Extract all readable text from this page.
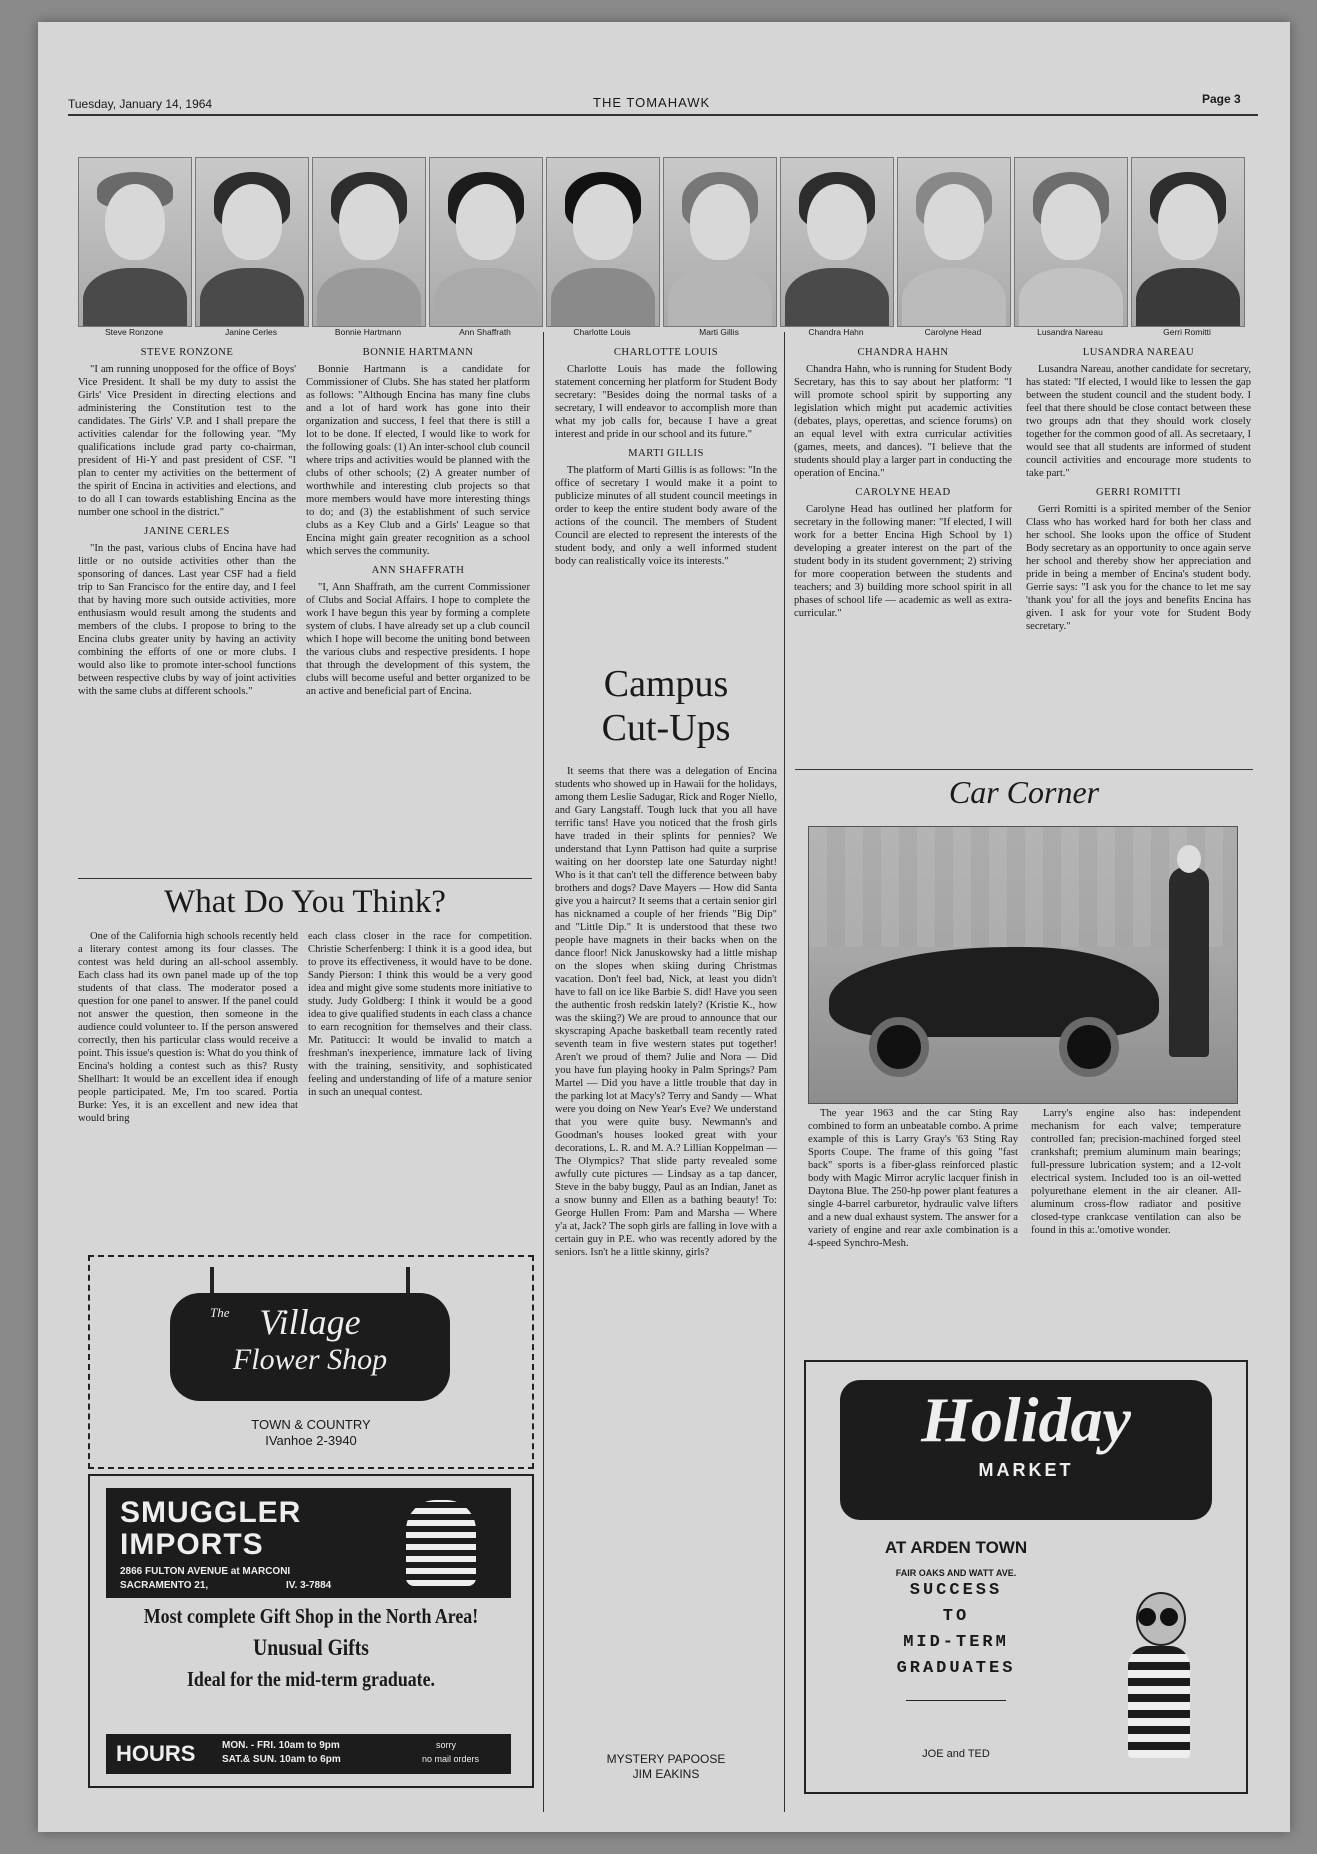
Tuesday, January 14, 1964	THE TOMAHAWK	Page 3
Steve Ronzone	Janine Cerles	Bonnie Hartmann	Ann Shaffrath	Charlotte Louis	Marti Gillis	Chandra Hahn	Carolyne Head	Lusandra Nareau	Gerri Romitti
STEVE RONZONE

"I am running unopposed for the office of Boys' Vice President. It shall be my duty to assist the Girls' Vice President in directing elections and administering the Constitution test to the candidates. The Girls' V.P. and I shall prepare the activities calendar for the following year. "My qualifications include grad party co-chairman, president of Hi-Y and past president of CSF. "I plan to center my activities on the betterment of the spirit of Encina in activities and elections, and to do all I can towards establishing Encina as the number one school in the district."

JANINE CERLES

"In the past, various clubs of Encina have had little or no outside activities other than the sponsoring of dances. Last year CSF had a field trip to San Francisco for the entire day, and I feel that by having more such outside activities, more enthusiasm would result among the students and members of the clubs. I propose to bring to the Encina clubs greater unity by having an activity combining the efforts of one or more clubs. I would also like to promote inter-school functions between respective clubs by way of joint activities with the same clubs at different schools."

BONNIE HARTMANN

Bonnie Hartmann is a candidate for Commissioner of Clubs. She has stated her platform as follows: "Although Encina has many fine clubs and a lot of hard work has gone into their organization and success, I feel that there is still a lot to be done. If elected, I would like to work for the following goals: (1) An inter-school club council where trips and activities would be planned with the clubs of other schools; (2) A greater number of worthwhile and interesting club projects so that more members would have more interesting things to do; and (3) the establishment of such service clubs as a Key Club and a Girls' League so that Encina might gain greater recognition as a school which serves the community.

ANN SHAFFRATH

"I, Ann Shaffrath, am the current Commissioner of Clubs and Social Affairs. I hope to complete the work I have begun this year by forming a complete system of clubs. I have already set up a club council which I hope will become the uniting bond between the various clubs and respective presidents. I hope that through the development of this system, the clubs will become useful and better organized to be an active and beneficial part of Encina.

CHARLOTTE LOUIS

Charlotte Louis has made the following statement concerning her platform for Student Body secretary: "Besides doing the normal tasks of a secretary, I will endeavor to accomplish more than what my job calls for, because I have a great interest and pride in our school and its future."

MARTI GILLIS

The platform of Marti Gillis is as follows: "In the office of secretary I would make it a point to publicize minutes of all student council meetings in order to keep the entire student body aware of the actions of the council. The members of Student Council are elected to represent the interests of the student body, and only a well informed student body can realistically voice its interests."

CHANDRA HAHN

Chandra Hahn, who is running for Student Body Secretary, has this to say about her platform: "I will promote school spirit by supporting any legislation which might put academic activities (debates, plays, operettas, and science forums) on an equal level with extra curricular activities (games, meets, and dances). "I believe that the students should play a larger part in conducting the operation of Encina."

CAROLYNE HEAD

Carolyne Head has outlined her platform for secretary in the following maner: "If elected, I will work for a better Encina High School by 1) developing a greater interest on the part of the student body in its student government; 2) striving for more cooperation between the students and teachers; and 3) building more school spirit in all phases of school life — academic as well as extra-curricular."

LUSANDRA NAREAU

Lusandra Nareau, another candidate for secretary, has stated: "If elected, I would like to lessen the gap between the student council and the student body. I feel that there should be close contact between these two groups adn that they should work closely together for the common good of all. As secretaary, I would see that all students are informed of student council activities and encourage more students to take part."

GERRI ROMITTI

Gerri Romitti is a spirited member of the Senior Class who has worked hard for both her class and her school. She looks upon the office of Student Body secretary as an opportunity to once again serve her school and thereby show her appreciation and pride in being a member of Encina's student body. Gerrie says: "I ask you for the chance to let me say 'thank you' for all the joys and benefits Encina has given. I ask for your vote for Student Body secretary."

What Do You Think?

One of the California high schools recently held a literary contest among its four classes. The contest was held during an all-school assembly. Each class had its own panel made up of the top students of that class. The moderator posed a question for one panel to answer. If the panel could not answer the question, then someone in the audience could volunteer to. If the person answered correctly, then his particular class would receive a point. This issue's question is: What do you think of Encina's holding a contest such as this? Rusty Shellhart: It would be an excellent idea if enough people participated. Me, I'm too scared. Portia Burke: Yes, it is an excellent and new idea that would bring

each class closer in the race for competition. Christie Scherfenberg: I think it is a good idea, but to prove its effectiveness, it would have to be done. Sandy Pierson: I think this would be a very good idea and might give some students more initiative to study. Judy Goldberg: I think it would be a good idea to give qualified students in each class a chance to earn recognition for themselves and their class. Mr. Patitucci: It would be invalid to match a freshman's inexperience, immature lack of living with the training, sensitivity, and sophisticated feeling and understanding of life of a mature senior in such an unequal contest.

Campus
Cut-Ups

It seems that there was a delegation of Encina students who showed up in Hawaii for the holidays, among them Leslie Sadugar, Rick and Roger Niello, and Gary Langstaff. Tough luck that you all have terrific tans! Have you noticed that the frosh girls have traded in their splints for pennies? We understand that Lynn Pattison had quite a surprise waiting on her doorstep late one Saturday night! Who is it that can't tell the difference between baby brothers and dogs? Dave Mayers — How did Santa give you a haircut? It seems that a certain senior girl has nicknamed a couple of her friends "Big Dip" and "Little Dip." It is understood that these two people have magnets in their backs when on the dance floor! Nick Januskowsky had a little mishap on the slopes when skiing during Christmas vacation. Don't feel bad, Nick, at least you didn't have to fall on ice like Barbie S. did! Have you seen the authentic frosh redskin lately? (Kristie K., how was the skiing?) We are proud to announce that our skyscraping Apache basketball team recently rated seventh team in five western states put together! Aren't we proud of them? Julie and Nora — Did you have fun playing hooky in Palm Springs? Pam Martel — Did you have a little trouble that day in the parking lot at Macy's? Terry and Sandy — What were you doing on New Year's Eve? We understand that you were quite busy. Newmann's and Goodman's houses looked great with your decorations, L. R. and M. A.? Lillian Koppelman — The Olympics? That slide party revealed some awfully cute pictures — Lindsay as a tap dancer, Steve in the baby buggy, Paul as an Indian, Janet as a snow bunny and Ellen as a bathing beauty! To: George Hullen From: Pam and Marsha — Where y'a at, Jack? The soph girls are falling in love with a certain guy in P.E. who was recently adored by the seniors. Isn't he a little skinny, girls?

MYSTERY PAPOOSE
JIM EAKINS
Car Corner

The year 1963 and the car Sting Ray combined to form an unbeatable combo. A prime example of this is Larry Gray's '63 Sting Ray Sports Coupe. The frame of this going "fast back" sports is a fiber-glass reinforced plastic body with Magic Mirror acrylic lacquer finish in Daytona Blue. The 250-hp power plant features a single 4-barrel carburetor, hydraulic valve lifters and a new dual exhaust system. The answer for a variety of engine and rear axle combination is a 4-speed Synchro-Mesh.

Larry's engine also has: independent mechanism for each valve; temperature controlled fan; precision-machined forged steel crankshaft; premium aluminum main bearings; full-pressure lubrication system; and a 12-volt electrical system. Included too is an oil-wetted polyurethane element in the air cleaner. All-aluminum cross-flow radiator and positive closed-type crankcase ventilation can also be found in this a:.'omotive wonder.

The Village
Flower Shop
TOWN & COUNTRY
IVanhoe 2-3940
SMUGGLER
IMPORTS
2866 FULTON AVENUE at MARCONI
SACRAMENTO 21,	IV. 3-7884
Most complete Gift Shop in the North Area!
Unusual Gifts
Ideal for the mid-term graduate.
HOURS	MON. - FRI. 10am to 9pm
SAT.& SUN. 10am to 6pm
sorry
no mail orders
Holiday
MARKET
AT ARDEN TOWN
FAIR OAKS AND WATT AVE.
SUCCESS
TO
MID-TERM
GRADUATES
JOE and TED
